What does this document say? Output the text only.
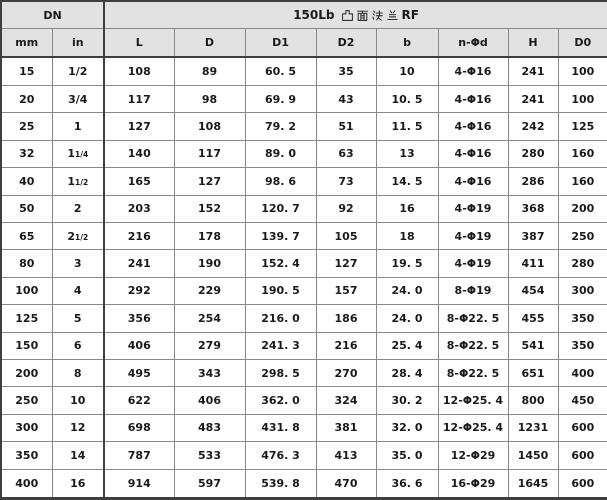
DN		150Lb RF							

mm	in	L	D	D1	D2	b	n-Φd	H	D0
15	1/2	108	89	60. 5	35	10	4-Φ16	241	100
20	3/4	117	98	69. 9	43	10. 5	4-Φ16	241	100
25	1	127	108	79. 2	51	11. 5	4-Φ16	242	125
32	11/4	140	117	89. 0	63	13	4-Φ16	280	160
40	11/2	165	127	98. 6	73	14. 5	4-Φ16	286	160
50	2	203	152	120. 7	92	16	4-Φ19	368	200
65	21/2	216	178	139. 7	105	18	4-Φ19	387	250
80	3	241	190	152. 4	127	19. 5	4-Φ19	411	280
100	4	292	229	190. 5	157	24. 0	8-Φ19	454	300
125	5	356	254	216. 0	186	24. 0	8-Φ22. 5	455	350
150	6	406	279	241. 3	216	25. 4	8-Φ22. 5	541	350
200	8	495	343	298. 5	270	28. 4	8-Φ22. 5	651	400
250	10	622	406	362. 0	324	30. 2	12-Φ25. 4	800	450
300	12	698	483	431. 8	381	32. 0	12-Φ25. 4	1231	600
350	14	787	533	476. 3	413	35. 0	12-Φ29	1450	600
400	16	914	597	539. 8	470	36. 6	16-Φ29	1645	600
